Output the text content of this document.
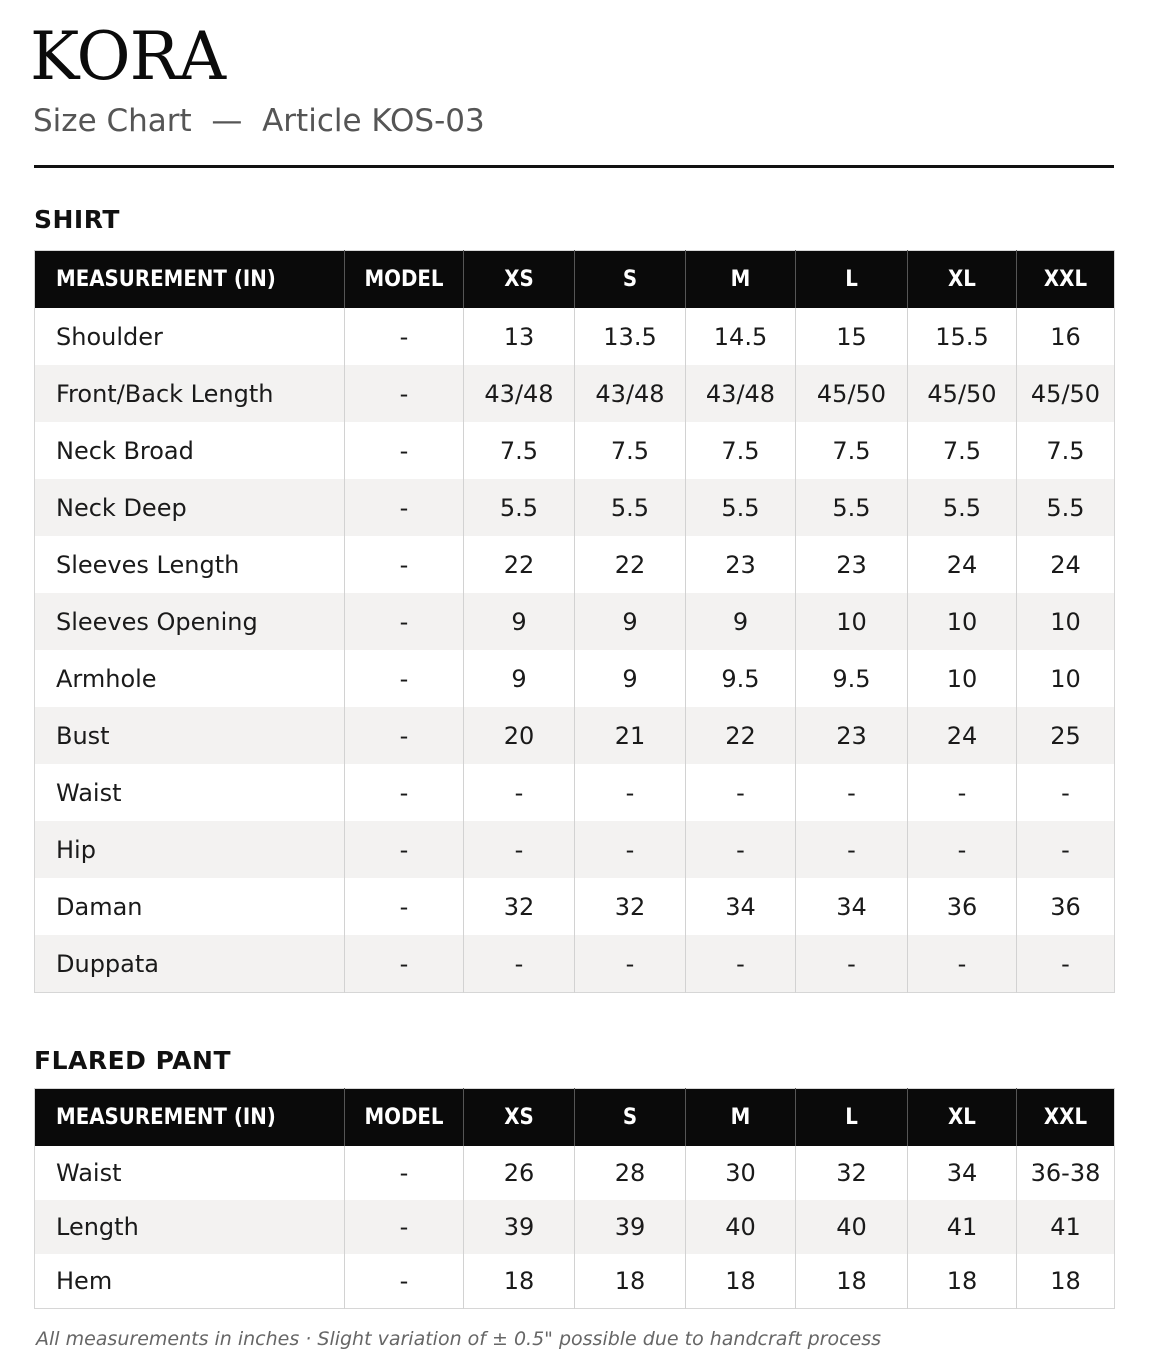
KORA
Size Chart  —  Article KOS-03
SHIRT
MEASUREMENT (IN)	MODEL	XS	S	M	L	XL	XXL
Shoulder	-	13	13.5	14.5	15	15.5	16
Front/Back Length	-	43/48	43/48	43/48	45/50	45/50	45/50
Neck Broad	-	7.5	7.5	7.5	7.5	7.5	7.5
Neck Deep	-	5.5	5.5	5.5	5.5	5.5	5.5
Sleeves Length	-	22	22	23	23	24	24
Sleeves Opening	-	9	9	9	10	10	10
Armhole	-	9	9	9.5	9.5	10	10
Bust	-	20	21	22	23	24	25
Waist	-	-	-	-	-	-	-
Hip	-	-	-	-	-	-	-
Daman	-	32	32	34	34	36	36
Duppata	-	-	-	-	-	-	-
FLARED PANT
MEASUREMENT (IN)	MODEL	XS	S	M	L	XL	XXL
Waist	-	26	28	30	32	34	36-38
Length	-	39	39	40	40	41	41
Hem	-	18	18	18	18	18	18
All measurements in inches · Slight variation of ± 0.5" possible due to handcraft process
